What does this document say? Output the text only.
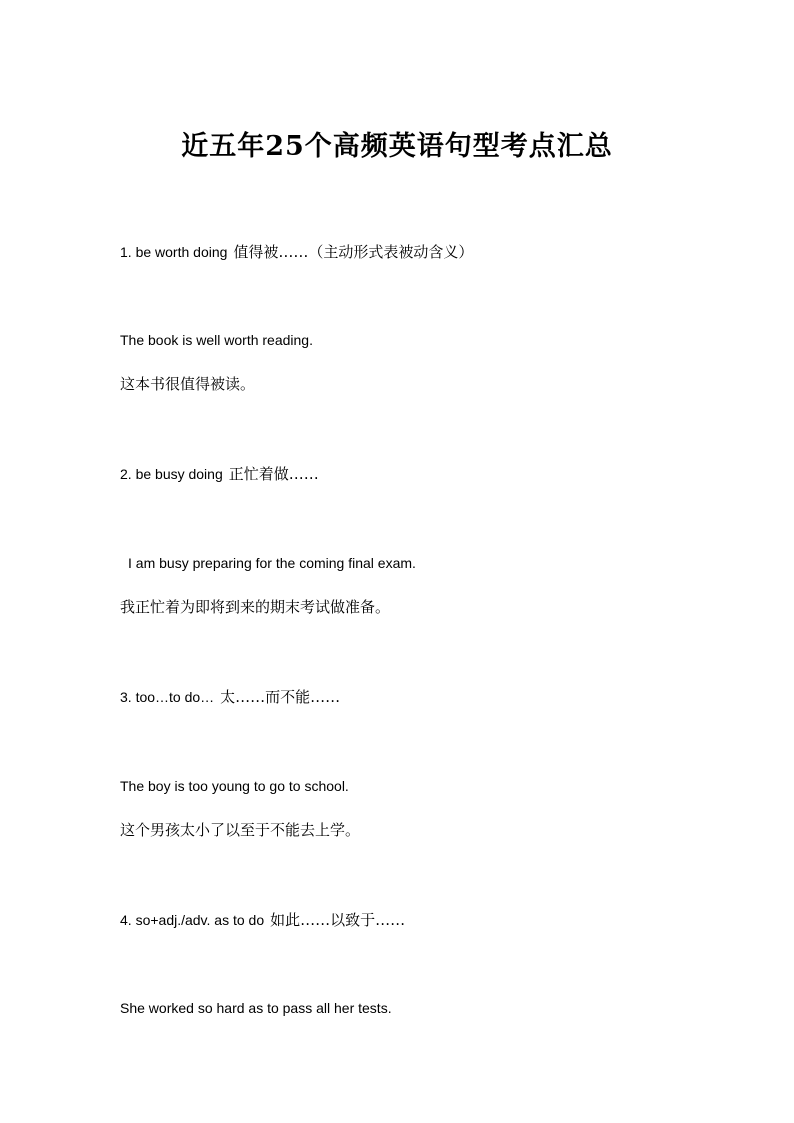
近五年25个高频英语句型考点汇总
1. be worth doing 值得被……（主动形式表被动含义）
The book is well worth reading.
这本书很值得被读。
2. be busy doing 正忙着做……
I am busy preparing for the coming final exam.
我正忙着为即将到来的期末考试做准备。
3. too…to do… 太……而不能……
The boy is too young to go to school.
这个男孩太小了以至于不能去上学。
4. so+adj./adv. as to do 如此……以致于……
She worked so hard as to pass all her tests.
